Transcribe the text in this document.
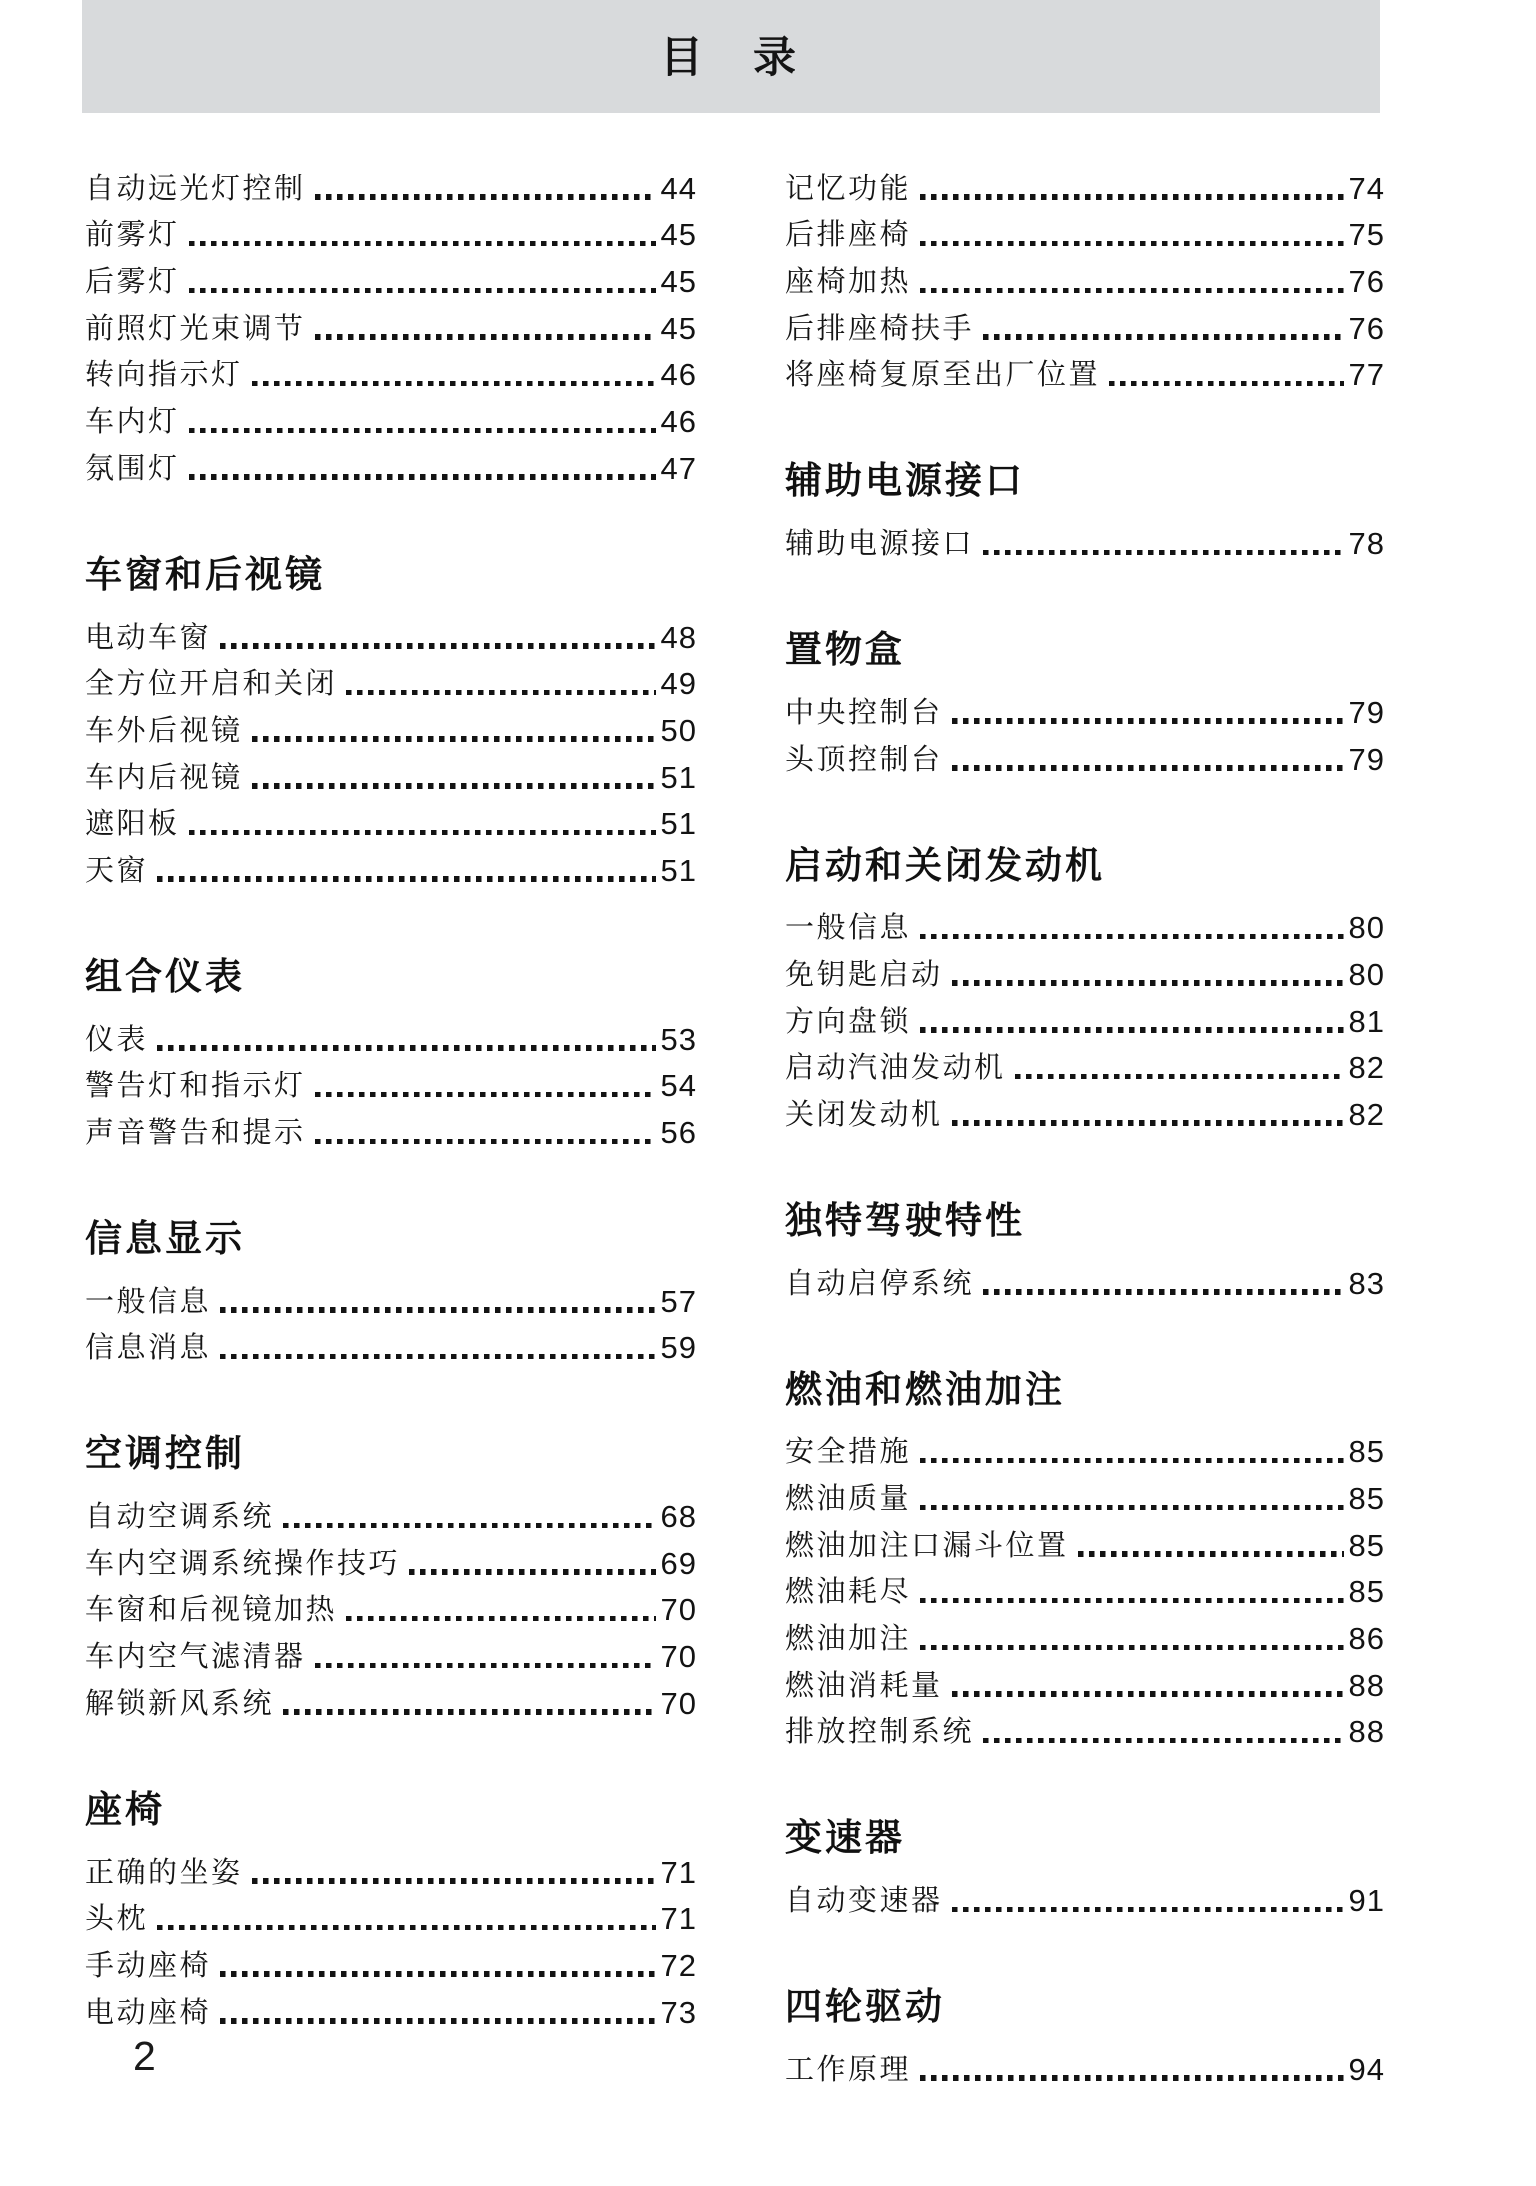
目 录
自动远光灯控制	44
前雾灯	45
后雾灯	45
前照灯光束调节	45
转向指示灯	46
车内灯	46
氛围灯	47
车窗和后视镜
电动车窗	48
全方位开启和关闭	49
车外后视镜	50
车内后视镜	51
遮阳板	51
天窗	51
组合仪表
仪表	53
警告灯和指示灯	54
声音警告和提示	56
信息显示
一般信息	57
信息消息	59
空调控制
自动空调系统	68
车内空调系统操作技巧	69
车窗和后视镜加热	70
车内空气滤清器	70
解锁新风系统	70
座椅
正确的坐姿	71
头枕	71
手动座椅	72
电动座椅	73
记忆功能	74
后排座椅	75
座椅加热	76
后排座椅扶手	76
将座椅复原至出厂位置	77
辅助电源接口
辅助电源接口	78
置物盒
中央控制台	79
头顶控制台	79
启动和关闭发动机
一般信息	80
免钥匙启动	80
方向盘锁	81
启动汽油发动机	82
关闭发动机	82
独特驾驶特性
自动启停系统	83
燃油和燃油加注
安全措施	85
燃油质量	85
燃油加注口漏斗位置	85
燃油耗尽	85
燃油加注	86
燃油消耗量	88
排放控制系统	88
变速器
自动变速器	91
四轮驱动
工作原理	94
2
